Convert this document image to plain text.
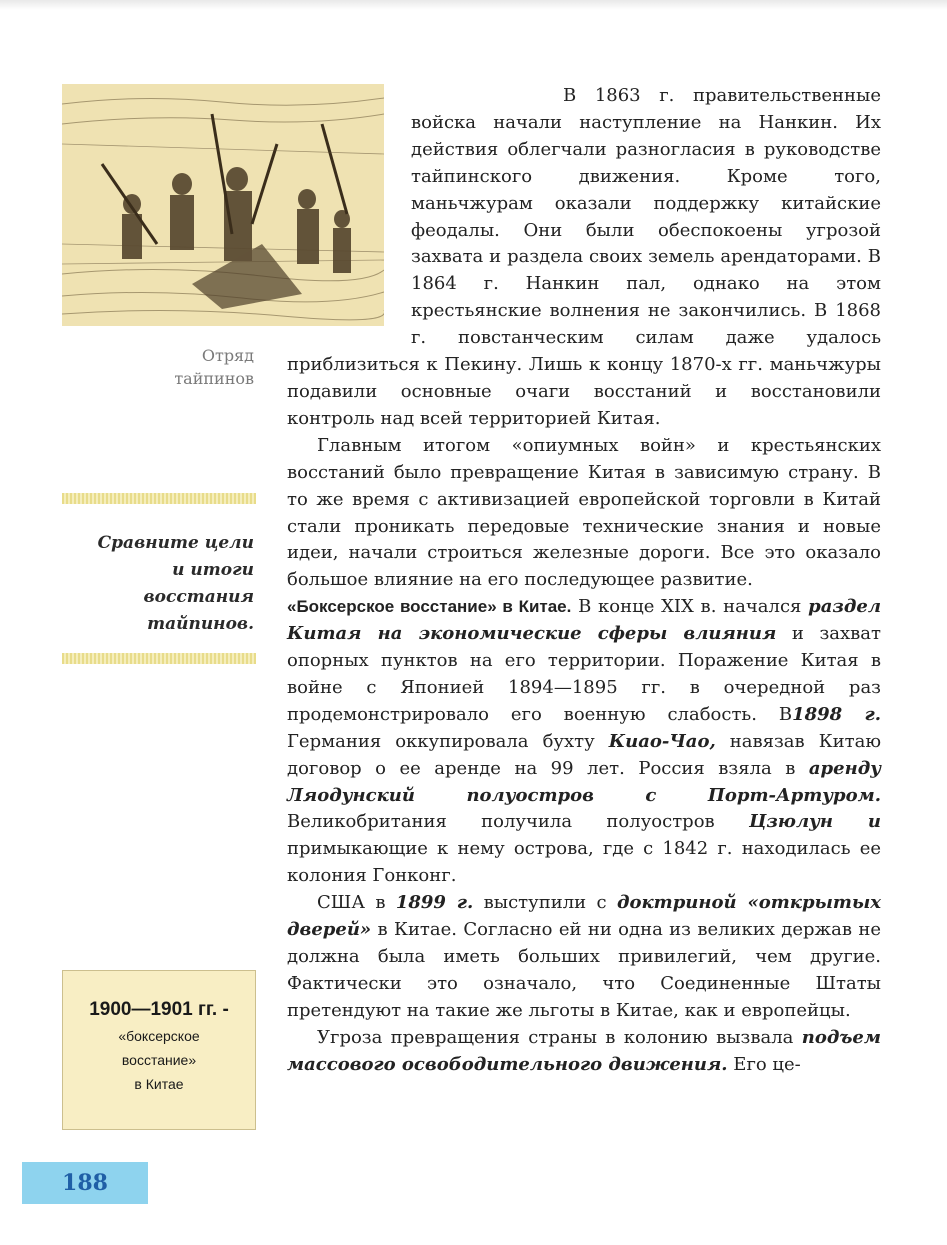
Отряд
тайпинов
Сравните цели
и итоги
восстания
тайпинов.
1900—1901 гг. -
«боксерское
восстание»
в Китае
188

В 1863 г. правительственные войска начали наступление на Нанкин. Их действия облегчали разногласия в руководстве тайпинского движения. Кроме того, маньчжурам оказали поддержку китайские феодалы. Они были обеспокоены угрозой захвата и раздела своих земель арендаторами. В 1864 г. Нанкин пал, однако на этом крестьянские волнения не закончились. В 1868 г. повстанческим силам даже удалось приблизиться к Пекину. Лишь к концу 1870-х гг. маньчжуры подавили основные очаги восстаний и восстановили контроль над всей территорией Китая.

Главным итогом «опиумных войн» и крестьянских восстаний было превращение Китая в зависимую страну. В то же время с активизацией европейской торговли в Китай стали проникать передовые технические знания и новые идеи, начали строиться железные дороги. Все это оказало большое влияние на его последующее развитие.

«Боксерское восстание» в Китае. В конце XIX в. начался раздел Китая на экономические сферы влияния и захват опорных пунктов на его территории. Поражение Китая в войне с Японией 1894—1895 гг. в очередной раз продемонстрировало его военную слабость. В1898 г. Германия оккупировала бухту Киао-Чао, навязав Китаю договор о ее аренде на 99 лет. Россия взяла в аренду Ляодунский полуостров с Порт-Артуром. Великобритания получила полуостров Цзюлун и примыкающие к нему острова, где с 1842 г. находилась ее колония Гонконг.

США в 1899 г. выступили с доктриной «открытых дверей» в Китае. Согласно ей ни одна из великих держав не должна была иметь больших привилегий, чем другие. Фактически это означало, что Соединенные Штаты претендуют на такие же льготы в Китае, как и европейцы.

Угроза превращения страны в колонию вызвала подъем массового освободительного движения. Его це-
